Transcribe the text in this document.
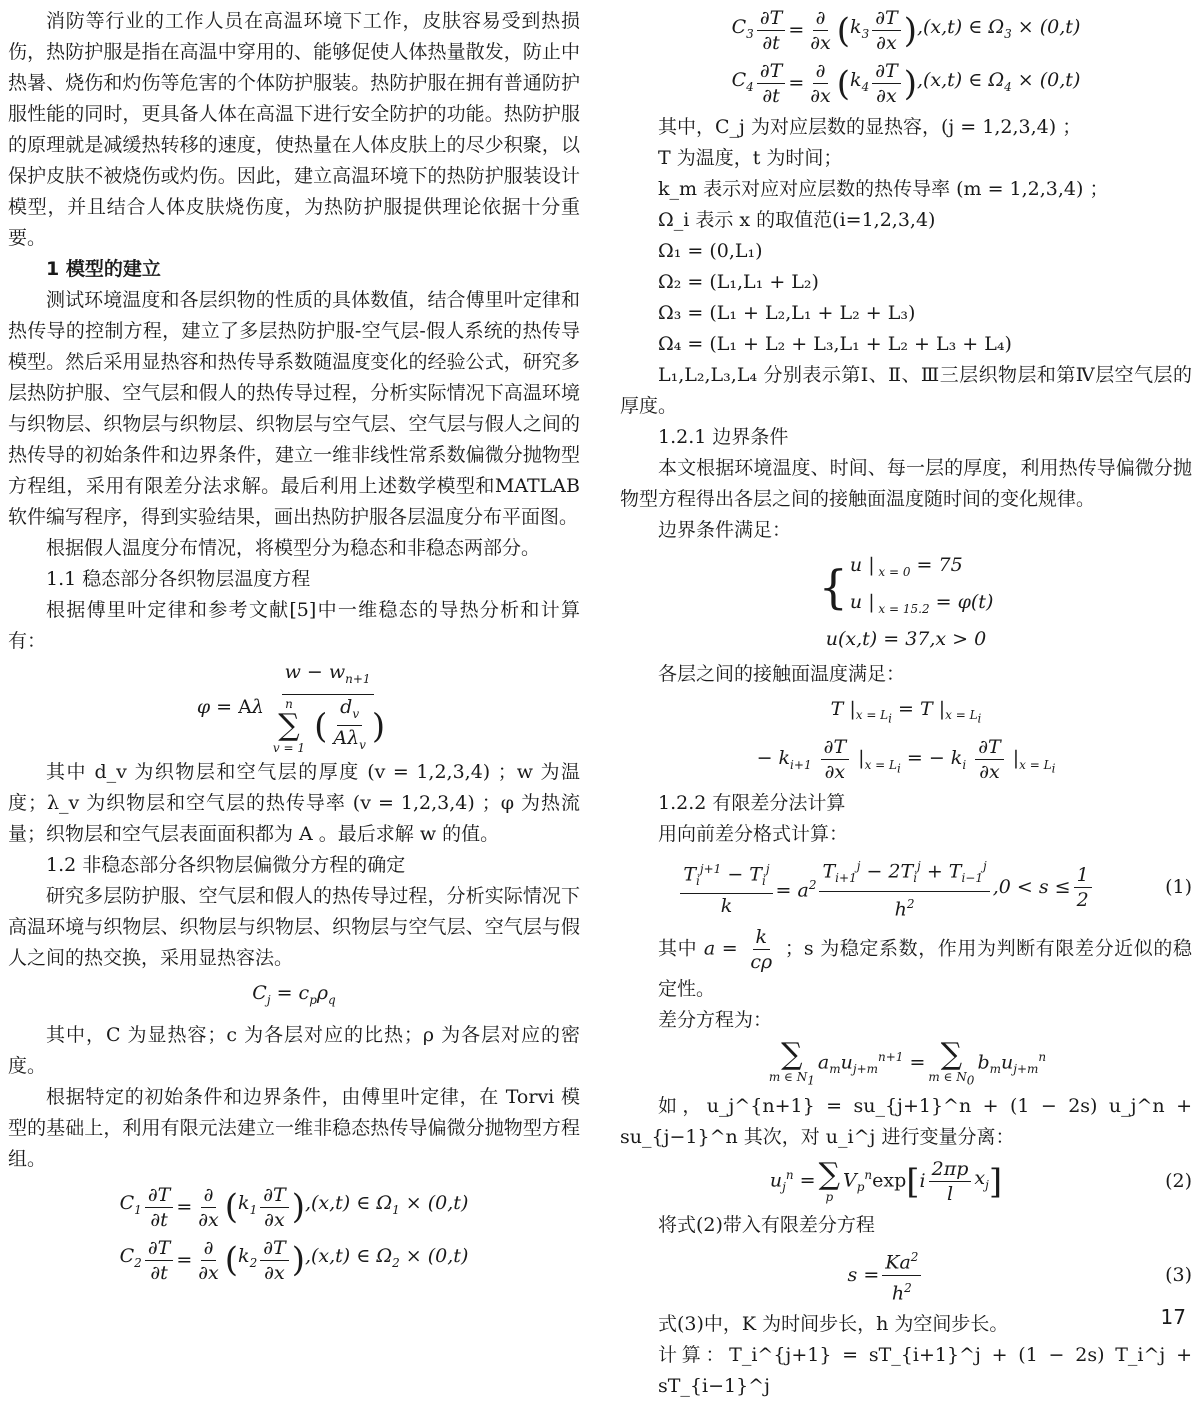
消防等行业的工作人员在高温环境下工作，皮肤容易受到热损伤，热防护服是指在高温中穿用的、能够促使人体热量散发，防止中热暑、烧伤和灼伤等危害的个体防护服装。热防护服在拥有普通防护服性能的同时，更具备人体在高温下进行安全防护的功能。热防护服的原理就是减缓热转移的速度，使热量在人体皮肤上的尽少积聚，以保护皮肤不被烧伤或灼伤。因此，建立高温环境下的热防护服装设计模型，并且结合人体皮肤烧伤度，为热防护服提供理论依据十分重要。

1 模型的建立

测试环境温度和各层织物的性质的具体数值，结合傅里叶定律和热传导的控制方程，建立了多层热防护服-空气层-假人系统的热传导模型。然后采用显热容和热传导系数随温度变化的经验公式，研究多层热防护服、空气层和假人的热传导过程，分析实际情况下高温环境与织物层、织物层与织物层、织物层与空气层、空气层与假人之间的热传导的初始条件和边界条件，建立一维非线性常系数偏微分抛物型方程组，采用有限差分法求解。最后利用上述数学模型和MATLAB软件编写程序，得到实验结果，画出热防护服各层温度分布平面图。

根据假人温度分布情况，将模型分为稳态和非稳态两部分。

1.1 稳态部分各织物层温度方程

根据傅里叶定律和参考文献[5]中一维稳态的导热分析和计算有：

φ = Aλ $w - w_{n+1}$
n
∑
v = 1
( $\frac{d_v}{A\lambda_v}$ )

其中 d_v 为织物层和空气层的厚度 (v = 1,2,3,4) ；w 为温度；λ_v 为织物层和空气层的热传导率 (v = 1,2,3,4) ；φ 为热流量；织物层和空气层表面面积都为 A 。最后求解 w 的值。

1.2 非稳态部分各织物层偏微分方程的确定

研究多层防护服、空气层和假人的热传导过程，分析实际情况下高温环境与织物层、织物层与织物层、织物层与空气层、空气层与假人之间的热交换，采用显热容法。

$C_j = c_p\rho_q$

其中，C 为显热容；c 为各层对应的比热；ρ 为各层对应的密度。

根据特定的初始条件和边界条件，由傅里叶定律，在 Torvi 模型的基础上，利用有限元法建立一维非稳态热传导偏微分抛物型方程组。

$C_1 \frac{\partial T}{\partial t} = \frac{\partial}{\partial x}$ ( $k_1 \frac{\partial T}{\partial x}$ ) ,(x,t) ∈ $\Omega_1 \times (0,t)$
$C_2 \frac{\partial T}{\partial t} = \frac{\partial}{\partial x}$ ( $k_2 \frac{\partial T}{\partial x}$ ) ,(x,t) ∈ $\Omega_2 \times (0,t)$
$C_3 \frac{\partial T}{\partial t} = \frac{\partial}{\partial x}$ ( $k_3 \frac{\partial T}{\partial x}$ ) ,(x,t) ∈ $\Omega_3 \times (0,t)$
$C_4 \frac{\partial T}{\partial t} = \frac{\partial}{\partial x}$ ( $k_4 \frac{\partial T}{\partial x}$ ) ,(x,t) ∈ $\Omega_4 \times (0,t)$

其中，C_j 为对应层数的显热容，(j = 1,2,3,4) ；

T 为温度，t 为时间；

k_m 表示对应对应层数的热传导率 (m = 1,2,3,4) ；

Ω_i 表示 x 的取值范(i=1,2,3,4)

Ω₁ = (0,L₁)

Ω₂ = (L₁,L₁ + L₂)

Ω₃ = (L₁ + L₂,L₁ + L₂ + L₃)

Ω₄ = (L₁ + L₂ + L₃,L₁ + L₂ + L₃ + L₄)

L₁,L₂,L₃,L₄ 分别表示第Ⅰ、Ⅱ、Ⅲ三层织物层和第Ⅳ层空气层的厚度。

1.2.1 边界条件

本文根据环境温度、时间、每一层的厚度，利用热传导偏微分抛物型方程得出各层之间的接触面温度随时间的变化规律。

边界条件满足：

{ u | $_{x = 0}$ = 75
u | $_{x = 15.2}$ = φ(t)
u(x,t) = 37,x > 0

各层之间的接触面温度满足：

T $|_{x = L_i} = T$ $|_{x = L_i}$
− $k_{i+1} \frac{\partial T}{\partial x} |_{x = L_i}$ = − $k_i \frac{\partial T}{\partial x} |_{x = L_i}$

1.2.2 有限差分法计算

用向前差分格式计算：

$\frac{T_i^{j+1} - T_i^j}{k} = a^2 \frac{T_{i+1}^j - 2T_i^j + T_{i-1}^j}{h^2} ,0 < s \le \frac{1}{2}$	(1)

其中 $a = \frac{k}{c\rho}$ ；s 为稳定系数，作用为判断有限差分近似的稳定性。

差分方程为：

∑
m ∈ $N_1$
$a_mu_{j+m}^{n+1}$ = ∑
m ∈ $N_0$
$b_mu_{j+m}^n$

如，u_j^{n+1} = su_{j+1}^n + (1 − 2s) u_j^n + su_{j−1}^n 其次，对 u_i^j 进行变量分离：

$u_j^n$ = ∑
p
$V_p^n\exp$ [ i $\frac{2\pi p}{l} x_j$ ]	(2)

将式(2)带入有限差分方程

$s = \frac{Ka^2}{h^2}$	(3)

式(3)中，K 为时间步长，h 为空间步长。

计算：T_i^{j+1} = sT_{i+1}^j + (1 − 2s) T_i^j + sT_{i−1}^j

17
